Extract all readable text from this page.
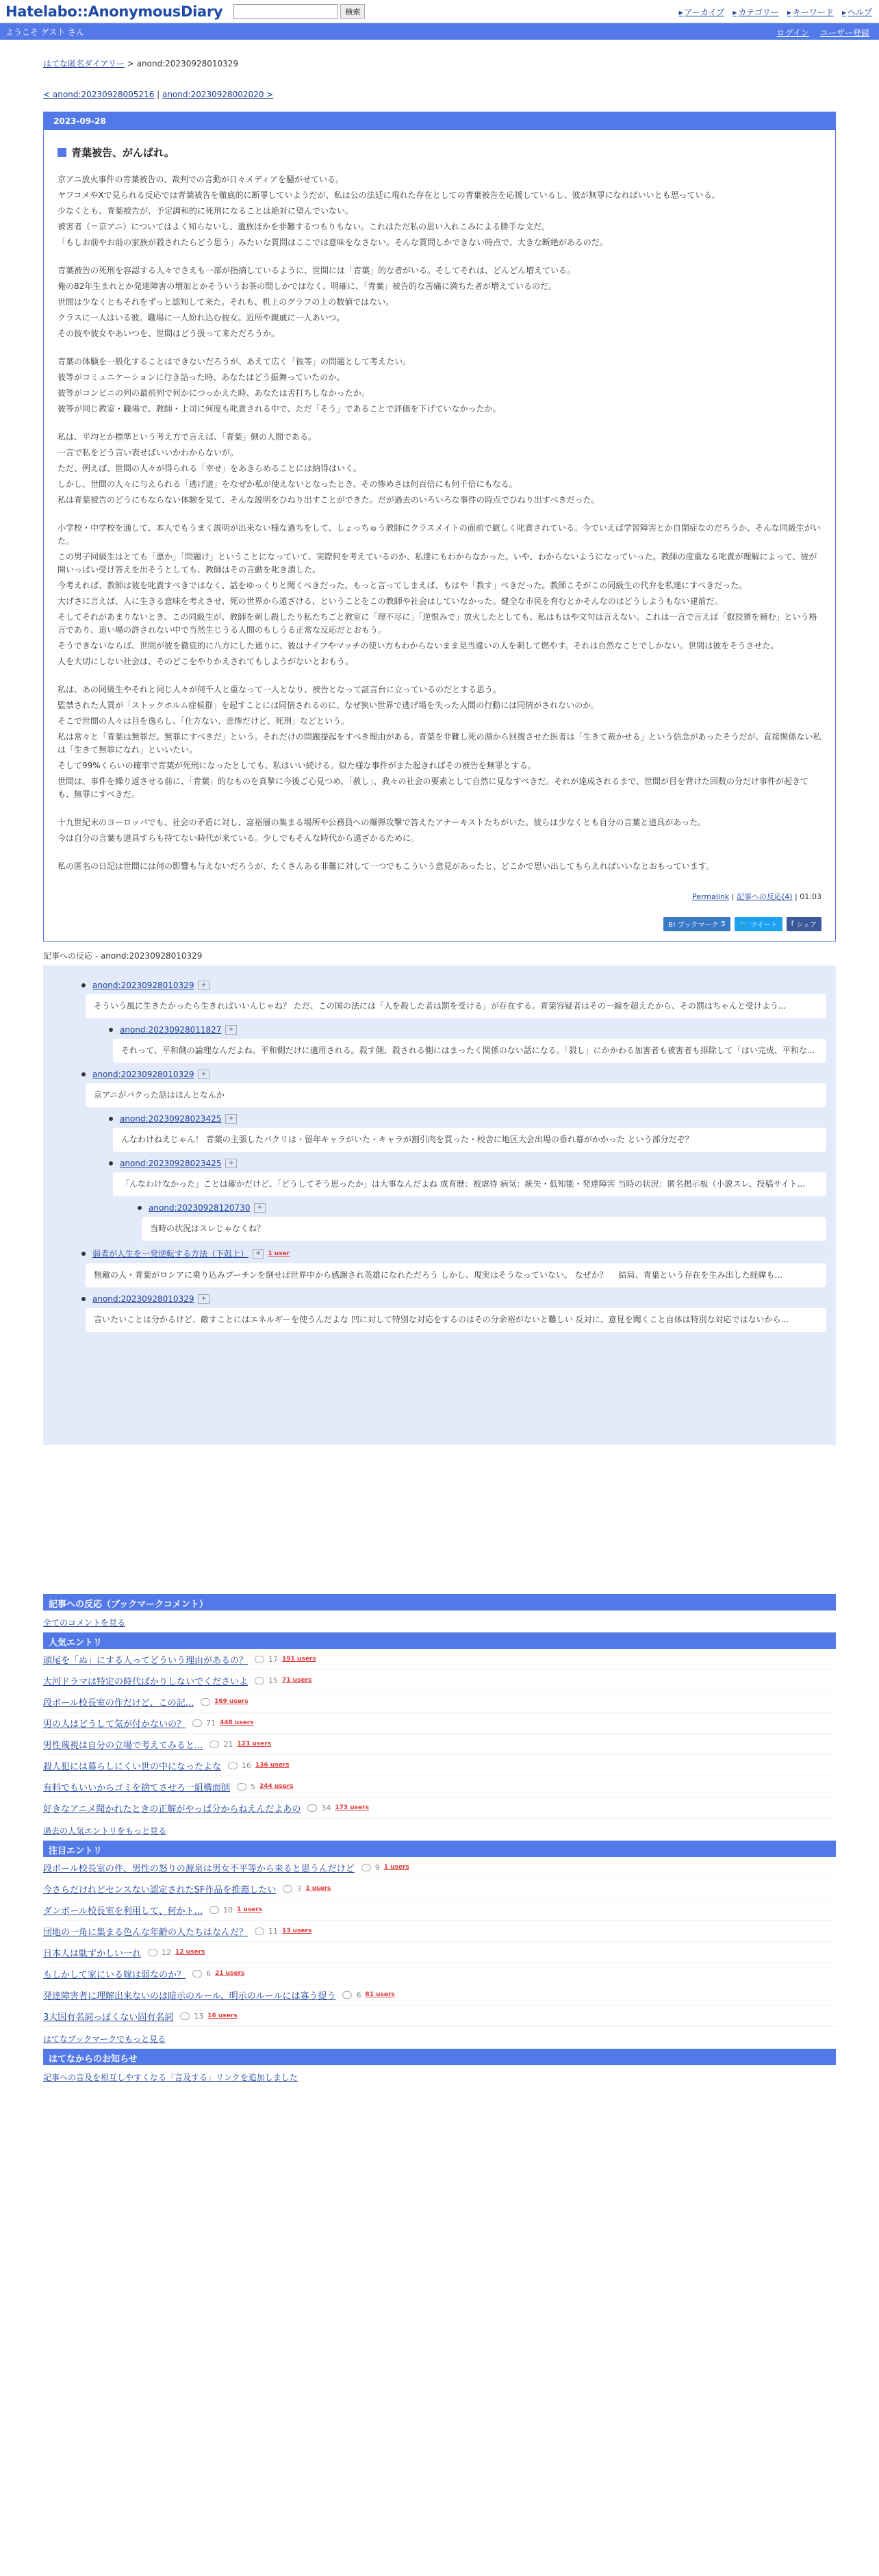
Hatelabo::AnonymousDiary	検索	▸ アーカイブ	▸ カテゴリー	▸ キーワード	▸ ヘルプ
ようこそ ゲスト さん	ログイン ユーザー登録
はてな匿名ダイアリー > anond:20230928010329
< anond:20230928005216 | anond:20230928002020 >
2023-09-28
青葉被告、がんばれ。

京アニ放火事件の青葉被告の、裁判での言動が日々メディアを騒がせている。

ヤフコメやXで見られる反応では青葉被告を徹底的に断罪していようだが、私は公の法廷に現れた存在としての青葉被告を応援しているし、彼が無罪になればいいとも思っている。

少なくとも、青葉被告が、予定調和的に死刑になることは絶対に望んでいない。

被害者（＝京アニ）についてはよく知らないし、遺族ほかを非難するつもりもない。これはただ私の思い入れこみによる勝手な文だ。

「もしお前やお前の家族が殺されたらどう思う」みたいな質問はここでは意味をなさない。そんな質問しかできない時点で、大きな断絶があるのだ。

青葉被告の死刑を容認する人々でさえも一部が指摘しているように、世間には「青葉」的な者がいる。そしてそれは、どんどん増えている。

俺の82年生まれとか発達障害の増加とかそういうお茶の間しかではなく、明確に、「青葉」被告的な苦痛に満ちた者が増えているのだ。

世間は少なくともそれをずっと認知して来た。それも、机上のグラフの上の数値ではない。

クラスに一人はいる彼。職場に一人紛れ込む彼女。近所や親戚に一人あいつ。

その彼や彼女やあいつを、世間はどう扱って来ただろうか。

青葉の体験を一般化することはできないだろうが、あえて広く「彼等」の問題として考えたい。

彼等がコミュニケーションに行き詰った時、あなたはどう振舞っていたのか。

彼等がコンビニの列の最前列で何かにつっかえた時、あなたは舌打ちしなかったか。

彼等が同じ教室・職場で、教師・上司に何度も叱責される中で、ただ「そう」であることで評価を下げていなかったか。

私は、平均とか標準という考え方で言えば、「青葉」側の人間である。

一言で私をどう言い表せばいいかわからないが。

ただ、例えば、世間の人々が得られる「幸せ」をあきらめることには納得はいく。

しかし、世間の人々に与えられる「逃げ道」をなぜか私が使えないとなったとき、その惨めさは何百倍にも何千倍にもなる。

私は青葉被告のどうにもならない体験を見て、そんな説明をひねり出すことができた。だが過去のいろいろな事件の時点でひねり出すべきだった。

小学校・中学校を通して、本人でもうまく説明が出来ない様な過ちをして、しょっちゅう教師にクラスメイトの面前で厳しく叱責されている。今でいえば学習障害とか自閉症なのだろうか、そんな同級生がいた。

この男子同級生はとても「悪か」「問題け」ということになっていて、実際何を考えているのか、私達にもわからなかった。いや、わからないようになっていった。教師の度重なる叱責が理解によって、彼が開いっぱい受け答えを出そうとしても、教師はその言動を叱き潰した。

今考えれば、教師は彼を叱責すべきではなく、話をゆっくりと聞くべきだった。もっと言ってしまえば、もはや「教す」べきだった。教師こそがこの同級生の代弁を私達にすべきだった。

大げさに言えば、人に生きる意味を考えさせ、死の世界から遠ざける、ということをこの教師や社会はしていなかった。健全な市民を育むとかそんなのはどうしようもない建前だ。

そしてそれがあまりないとき、この同級生が、教師を刺し殺したり私たちごと教室に「理不尽に」「逆恨みで」放火したとしても、私はもはや文句は言えない。これは一言で言えば「叡狡猾を補む」という格言であり、追い場の許されない中で当然生じうる人間のもしうる正常な反応だとおもう。

そうできないならば、世間が彼を徹底的に八方にした通りに、彼はナイフやマッチの使い方もわからないまま見当違いの人を刺して燃やす。それは自然なことでしかない。世間は彼をそうさせた。

人を大切にしない社会は、そのどこをやりかえされてもしようがないとおもう。

私は、あの同級生やそれと同じ人々が何千人と重なって一人となり、被告となって証言台に立っているのだとする思う。

監禁された人質が「ストックホルム症候群」を起すことには同情されるのに、なぜ狭い世界で逃げ場を失った人間の行動には同情がされないのか。

そこで世間の人々は目を逸らし、「仕方ない、悲惨だけど、死刑」などという。

私は常々と「青葉は無罪だ。無罪にすべきだ」という。それだけの問題提起をすべき理由がある。青葉を非難し死の淵から回復させた医者は「生きて裁かせる」という信念があったそうだが、直接関係ない私は「生きて無罪になれ」といいたい。

そして99%くらいの確率で青葉が死刑になったとしても、私はいい続ける。似た様な事件がまた起きればその被告を無罪とする。

世間は、事件を繰り返させる前に、「青葉」的なものを真摯に今後ご心見つめ、「赦し」、我々の社会の要素として自然に見なすべきだ。それが達成されるまで、世間が目を背けた回数の分だけ事件が起きても、無罪にすべきだ。

十九世紀末のヨーロッパでも、社会の矛盾に対し、富裕層の集まる場所や公務員への爆弾攻撃で答えたアナーキストたちがいた。彼らは少なくとも自分の言葉と道具があった。

今は自分の言葉も道具すらも持てない時代が来ている。少しでもそんな時代から遠ざかるために。

私の匿名の日記は世間には何の影響も与えないだろうが、たくさんある非難に対して一つでもこういう意見があったと、どこかで思い出してもらえればいいなとおもっています。

Permalink | 記事への反応(4) | 01:03
B! ブックマーク 5 🐦 ツイート f シェア
記事への反応 - anond:20230928010329
anond:20230928010329	+
そういう風に生きたかったら生きればいいんじゃね？ ただ、この国の法には「人を殺した者は罰を受ける」が存在する。青葉容疑者はその一線を超えたから、その罰はちゃんと受けよう...
anond:20230928011827	+
それって、平和側の論理なんだよね。平和側だけに適用される。殺す側、殺される側にはまったく関係のない話になる。「殺し」にかかわる加害者も被害者も排除して「はい完成、平和な...
anond:20230928010329	+
京アニがパクった話はほんとなんか
anond:20230928023425	+
んなわけねえじゃん！ 青葉の主張したパクリは・留年キャラがいた・キャラが割引肉を買った・校舎に地区大会出場の垂れ幕がかかった という部分だぞ？
anond:20230928023425	+
「んなわけなかった」ことは確かだけど、「どうしてそう思ったか」は大事なんだよね 成育歴：被虐待 病気：統失・低知能・発達障害 当時の状況：匿名掲示板（小説スレ、投稿サイト...
anond:20230928120730	+
当時の状況はスレじゃなくね？
弱者が人生を一発逆転する方法（下剋上）	+	1 user
無敵の人・青葉がロシアに乗り込みプーチンを倒せば世界中から感謝され英雄になれただろう しかし、現実はそうなっていない。 なぜか？ 　結局、青葉という存在を生み出した経緯も...
anond:20230928010329	+
言いたいことは分かるけど、敵すことにはエネルギーを使うんだよな 凹に対して特別な対応をするのはその分余裕がないと難しい 反対に、意見を聞くこと自体は特別な対応ではないから...
記事への反応（ブックマークコメント）
全てのコメントを見る
人気エントリ
頭尾を「ぬ」にする人ってどういう理由があるの？	17 191 users
大河ドラマは特定の時代ばかりしないでくださいよ	15 71 users
段ボール校長室の作だけど、この記...	169 users
男の人はどうして気が付かないの？	71 448 users
男性蔑視は自分の立場で考えてみると...	21 123 users
殺人犯には暮らしにくい世の中になったよな	16 136 users
有料でもいいからゴミを捨てさせろ一組構面倒	5 244 users
好きなアニメ聞かれたときの正解がやっぱ分からねえんだよあの	34 173 users
過去の人気エントリをもっと見る
注目エントリ
段ボール校長室の件、男性の怒りの源泉は男女不平等から来ると思うんだけど	9 1 users
今さらだけれどセンスない認定されたSF作品を推薦したい	3 1 users
ダンボール校長室を利用して、何かト...	10 1 users
団地の一角に集まる色んな年齢の人たちはなんだ？	11 13 users
日本人は駄ずかしい一れ	12 12 users
もしかして家にいる嫁は弱なのか？	6 21 users
発達障害者に理解出来ないのは暗示のルール、明示のルールには寡う捉う	6 81 users
3大国有名詞っぽくない固有名詞	13 16 users
はてなブックマークでもっと見る
はてなからのお知らせ
記事への言及を相互しやすくなる「言及する」リンクを追加しました
